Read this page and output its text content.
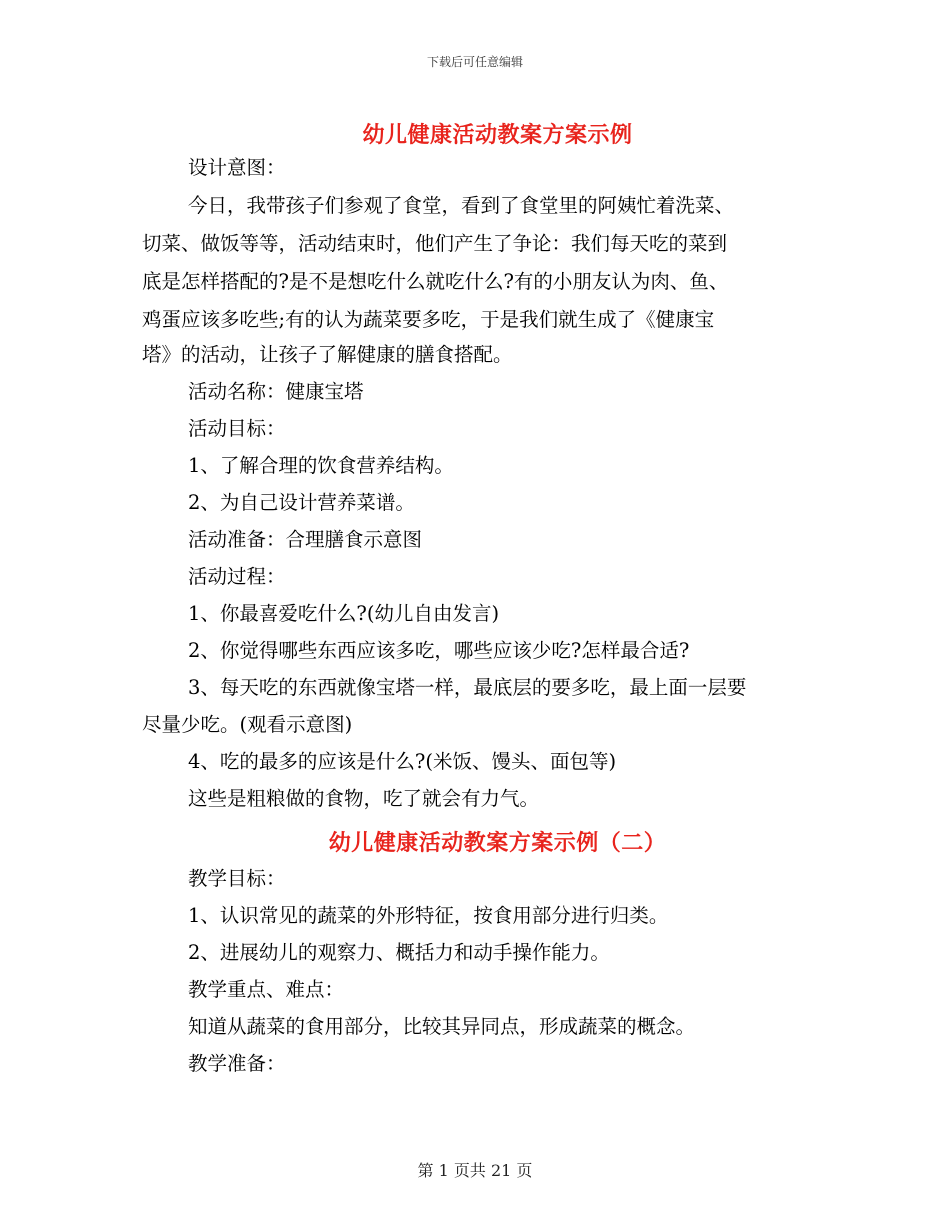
下载后可任意编辑
幼儿健康活动教案方案示例
设计意图：
今日，我带孩子们参观了食堂，看到了食堂里的阿姨忙着洗菜、
切菜、做饭等等，活动结束时，他们产生了争论：我们每天吃的菜到
底是怎样搭配的?是不是想吃什么就吃什么?有的小朋友认为肉、鱼、
鸡蛋应该多吃些;有的认为蔬菜要多吃，于是我们就生成了《健康宝
塔》的活动，让孩子了解健康的膳食搭配。
活动名称：健康宝塔
活动目标：
1、了解合理的饮食营养结构。
2、为自己设计营养菜谱。
活动准备：合理膳食示意图
活动过程：
1、你最喜爱吃什么?(幼儿自由发言)
2、你觉得哪些东西应该多吃，哪些应该少吃?怎样最合适?
3、每天吃的东西就像宝塔一样，最底层的要多吃，最上面一层要
尽量少吃。(观看示意图)
4、吃的最多的应该是什么?(米饭、馒头、面包等)
这些是粗粮做的食物，吃了就会有力气。
幼儿健康活动教案方案示例（二）
教学目标：
1、认识常见的蔬菜的外形特征，按食用部分进行归类。
2、进展幼儿的观察力、概括力和动手操作能力。
教学重点、难点：
知道从蔬菜的食用部分，比较其异同点，形成蔬菜的概念。
教学准备：
第 1 页共 21 页
